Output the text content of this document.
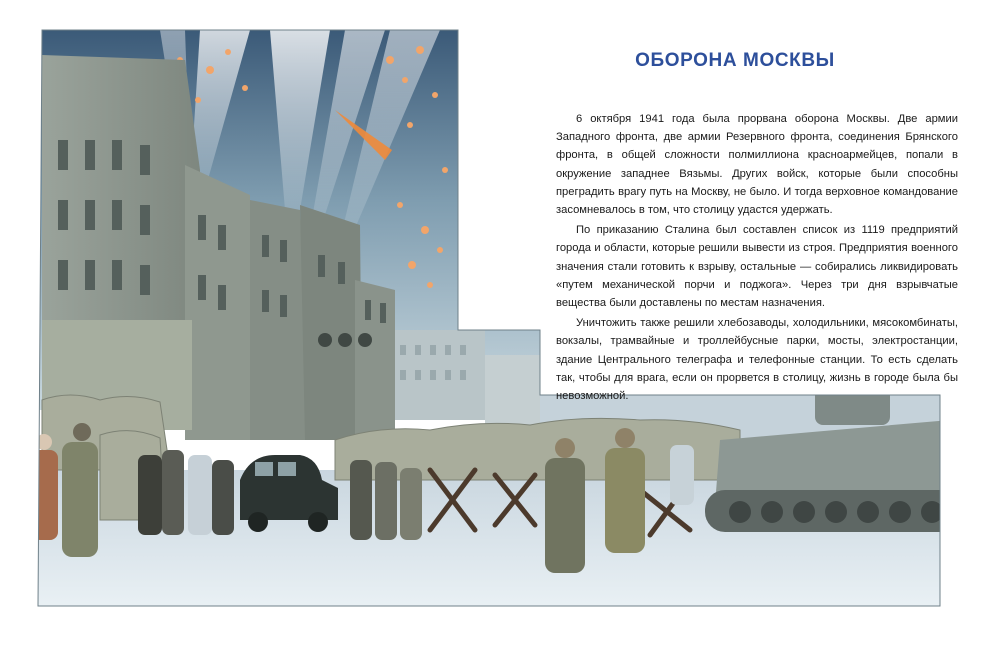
ОБОРОНА МОСКВЫ

6 октября 1941 года была прорвана оборона Москвы. Две армии Западного фронта, две армии Резервного фронта, соединения Брянского фронта, в общей сложности полмиллиона красноармейцев, попали в окружение западнее Вязьмы. Других войск, которые были способны преградить врагу путь на Москву, не было. И тогда верховное командование засомневалось в том, что столицу удастся удержать.

По приказанию Сталина был составлен список из 1119 предприятий города и области, которые решили вывести из строя. Предприятия военного значения стали готовить к взрыву, остальные — собирались ликвидировать «путем механической порчи и поджога». Через три дня взрывчатые вещества были доставлены по местам назначения.

Уничтожить также решили хлебозаводы, холодильники, мясокомбинаты, вокзалы, трамвайные и троллейбусные парки, мосты, электростанции, здание Центрального телеграфа и телефонные станции. То есть сделать так, чтобы для врага, если он прорвется в столицу, жизнь в городе была бы невозможной.
